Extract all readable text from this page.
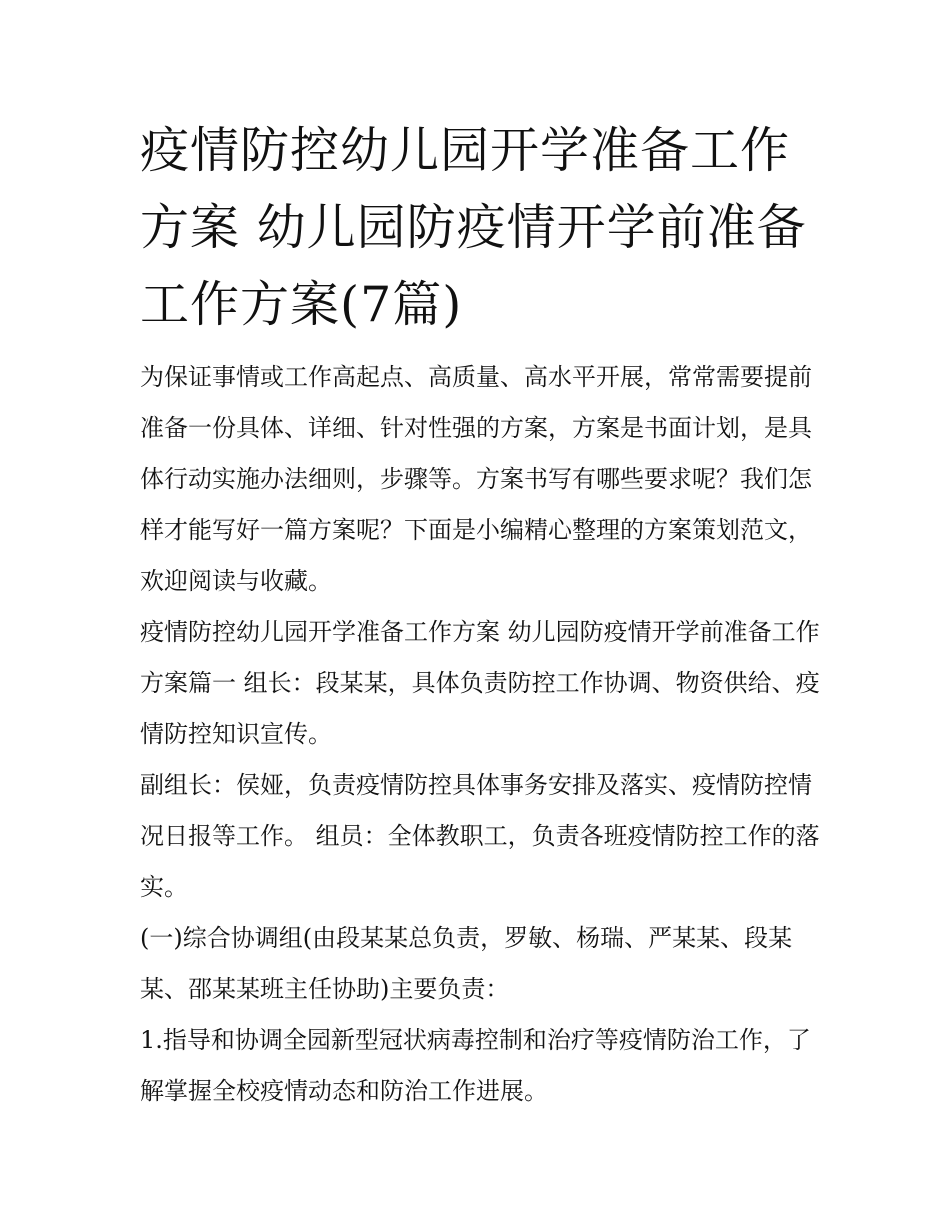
疫情防控幼儿园开学准备工作方案 幼儿园防疫情开学前准备工作方案(7篇)

为保证事情或工作高起点、高质量、高水平开展，常常需要提前准备一份具体、详细、针对性强的方案，方案是书面计划，是具体行动实施办法细则，步骤等。方案书写有哪些要求呢？我们怎样才能写好一篇方案呢？下面是小编精心整理的方案策划范文，欢迎阅读与收藏。

疫情防控幼儿园开学准备工作方案 幼儿园防疫情开学前准备工作方案篇一 组长：段某某，具体负责防控工作协调、物资供给、疫情防控知识宣传。

副组长：侯娅，负责疫情防控具体事务安排及落实、疫情防控情况日报等工作。 组员：全体教职工，负责各班疫情防控工作的落实。

(一)综合协调组(由段某某总负责，罗敏、杨瑞、严某某、段某某、邵某某班主任协助)主要负责：

1.指导和协调全园新型冠状病毒控制和治疗等疫情防治工作，了解掌握全校疫情动态和防治工作进展。
